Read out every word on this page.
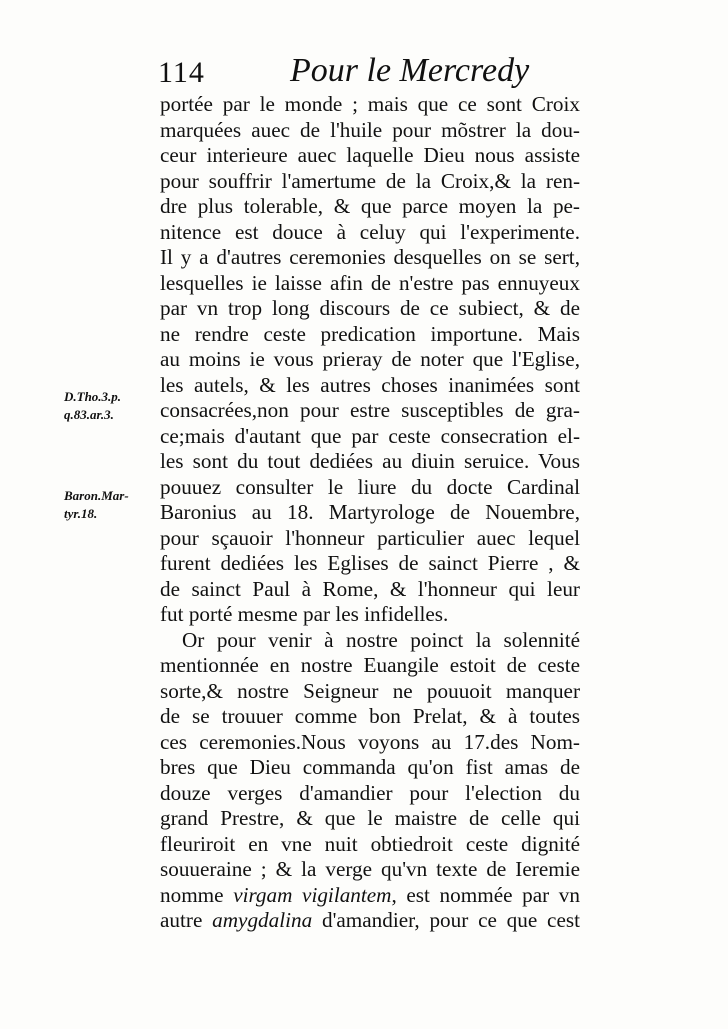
114	Pour le Mercredy
D.Tho.3.p.
q.83.ar.3.
Baron.Mar-
tyr.18.
portée par le monde ; mais que ce sont Croix
marquées auec de l'huile pour mõstrer la dou-
ceur interieure auec laquelle Dieu nous assiste
pour souffrir l'amertume de la Croix,& la ren-
dre plus tolerable, & que parce moyen la pe-
nitence est douce à celuy qui l'experimente.
Il y a d'autres ceremonies desquelles on se sert,
lesquelles ie laisse afin de n'estre pas ennuyeux
par vn trop long discours de ce subiect, & de
ne rendre ceste predication importune. Mais
au moins ie vous prieray de noter que l'Eglise,
les autels, & les autres choses inanimées sont
consacrées,non pour estre susceptibles de gra-
ce;mais d'autant que par ceste consecration el-
les sont du tout dediées au diuin seruice. Vous
pouuez consulter le liure du docte Cardinal
Baronius au 18. Martyrologe de Nouembre,
pour sçauoir l'honneur particulier auec lequel
furent dediées les Eglises de sainct Pierre , &
de sainct Paul à Rome, & l'honneur qui leur
fut porté mesme par les infidelles.
Or pour venir à nostre poinct la solennité
mentionnée en nostre Euangile estoit de ceste
sorte,& nostre Seigneur ne pouuoit manquer
de se trouuer comme bon Prelat, & à toutes
ces ceremonies.Nous voyons au 17.des Nom-
bres que Dieu commanda qu'on fist amas de
douze verges d'amandier pour l'election du
grand Prestre, & que le maistre de celle qui
fleuriroit en vne nuit obtiedroit ceste dignité
souueraine ; & la verge qu'vn texte de Ieremie
nomme virgam vigilantem, est nommée par vn
autre amygdalina d'amandier, pour ce que cest
